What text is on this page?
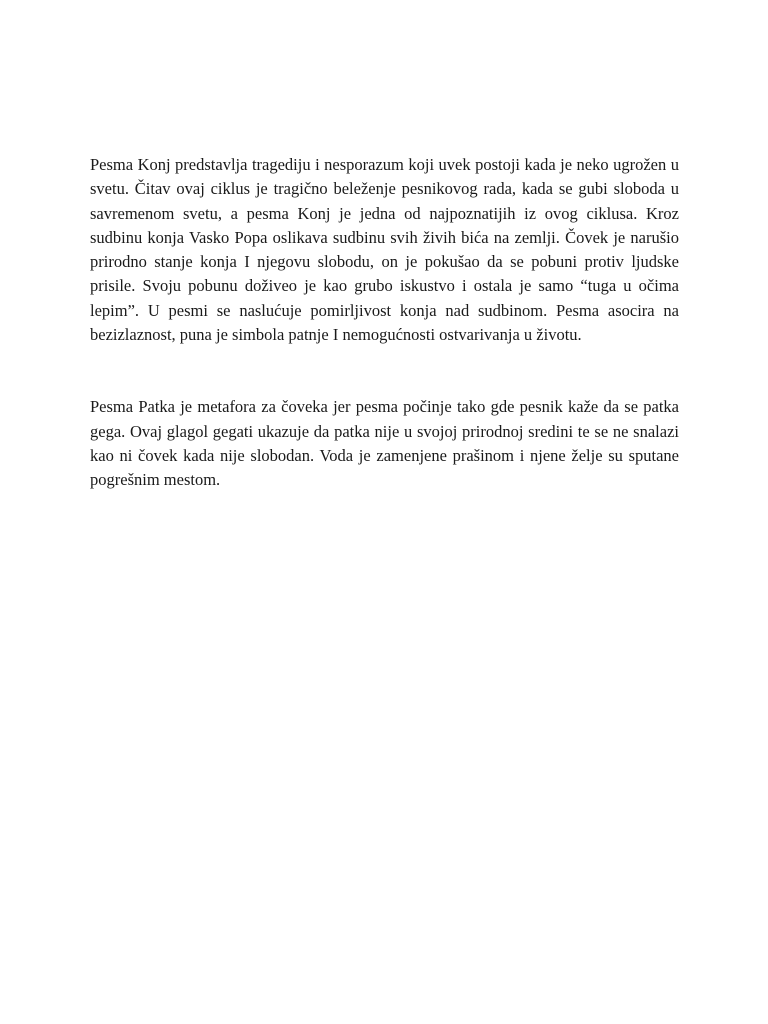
Pesma Konj predstavlja tragediju i nesporazum koji uvek postoji kada je neko ugrožen u svetu. Čitav ovaj ciklus je tragično beleženje pesnikovog rada, kada se gubi sloboda u savremenom svetu, a pesma Konj je jedna od najpoznatijih iz ovog ciklusa. Kroz sudbinu konja Vasko Popa oslikava sudbinu svih živih bića na zemlji. Čovek je narušio prirodno stanje konja I njegovu slobodu, on je pokušao da se pobuni protiv ljudske prisile. Svoju pobunu doživeo je kao grubo iskustvo i ostala je samo “tuga u očima lepim”. U pesmi se naslućuje pomirljivost konja nad sudbinom. Pesma asocira na bezizlaznost, puna je simbola patnje I nemogućnosti ostvarivanja u životu.

Pesma Patka je metafora za čoveka jer pesma počinje tako gde pesnik kaže da se patka gega. Ovaj glagol gegati ukazuje da patka nije u svojoj prirodnoj sredini te se ne snalazi kao ni čovek kada nije slobodan. Voda je zamenjene prašinom i njene želje su sputane pogrešnim mestom.
